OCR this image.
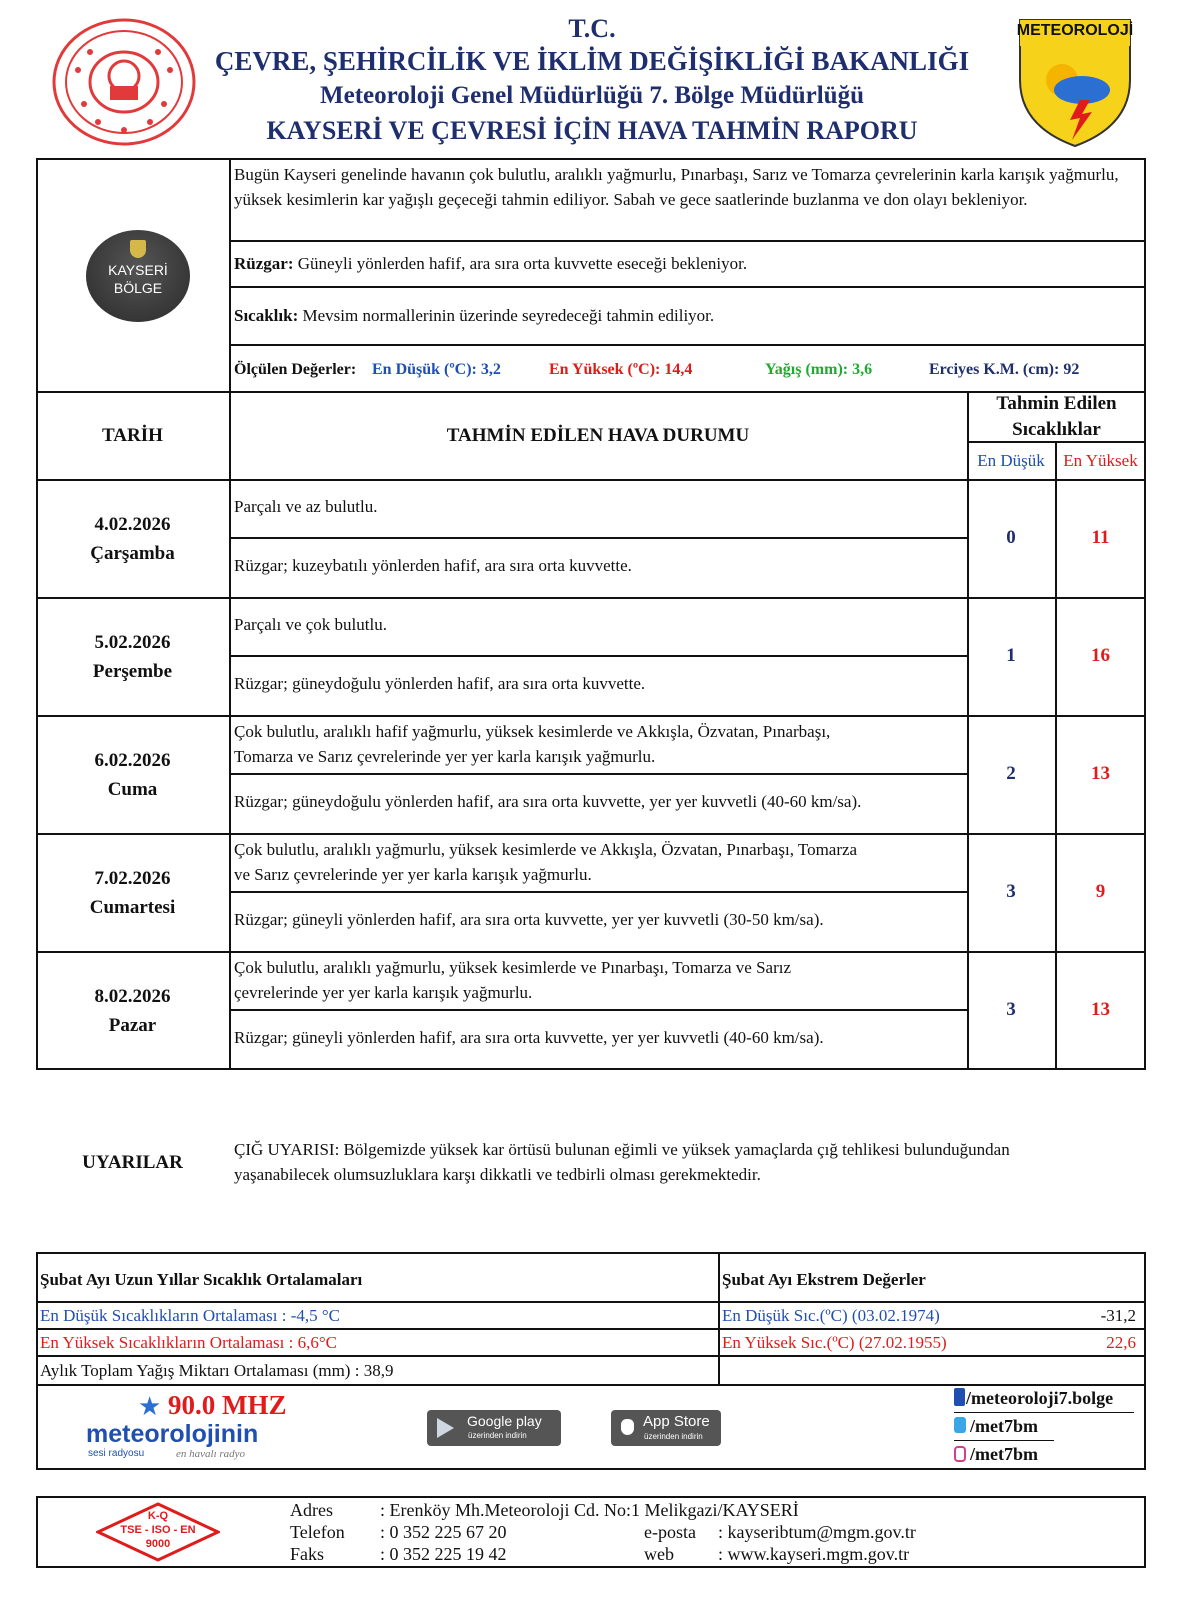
T.C.
ÇEVRE, ŞEHİRCİLİK VE İKLİM DEĞİŞİKLİĞİ BAKANLIĞI
Meteoroloji Genel Müdürlüğü 7. Bölge Müdürlüğü
KAYSERİ VE ÇEVRESİ İÇİN HAVA TAHMİN RAPORU
METEOROLOJİ
KAYSERİ
BÖLGE
Bugün Kayseri genelinde havanın çok bulutlu, aralıklı yağmurlu, Pınarbaşı, Sarız ve Tomarza çevrelerinin karla karışık yağmurlu, yüksek kesimlerin kar yağışlı geçeceği tahmin ediliyor. Sabah ve gece saatlerinde buzlanma ve don olayı bekleniyor.
Rüzgar: Güneyli yönlerden hafif, ara sıra orta kuvvette eseceği bekleniyor.
Sıcaklık: Mevsim normallerinin üzerinde seyredeceği tahmin ediliyor.
Ölçülen Değerler: En Düşük (ºC): 3,2	En Yüksek (ºC): 14,4	Yağış (mm): 3,6	Erciyes K.M. (cm): 92
TARİH	TAHMİN EDİLEN HAVA DURUMU
Tahmin Edilen
Sıcaklıklar
En Düşük	En Yüksek
4.02.2026
Çarşamba
Parçalı ve az bulutlu.
Rüzgar; kuzeybatılı yönlerden hafif, ara sıra orta kuvvette.
0	11
5.02.2026
Perşembe
Parçalı ve çok bulutlu.
Rüzgar; güneydoğulu yönlerden hafif, ara sıra orta kuvvette.
1	16
6.02.2026
Cuma
Çok bulutlu, aralıklı hafif yağmurlu, yüksek kesimlerde ve Akkışla, Özvatan, Pınarbaşı,
Tomarza ve Sarız çevrelerinde yer yer karla karışık yağmurlu.
Rüzgar; güneydoğulu yönlerden hafif, ara sıra orta kuvvette, yer yer kuvvetli (40-60 km/sa).
2	13
7.02.2026
Cumartesi
Çok bulutlu, aralıklı yağmurlu, yüksek kesimlerde ve Akkışla, Özvatan, Pınarbaşı, Tomarza
ve Sarız çevrelerinde yer yer karla karışık yağmurlu.
Rüzgar; güneyli yönlerden hafif, ara sıra orta kuvvette, yer yer kuvvetli (30-50 km/sa).
3	9
8.02.2026
Pazar
Çok bulutlu, aralıklı yağmurlu, yüksek kesimlerde ve Pınarbaşı, Tomarza ve Sarız
çevrelerinde yer yer karla karışık yağmurlu.
Rüzgar; güneyli yönlerden hafif, ara sıra orta kuvvette, yer yer kuvvetli (40-60 km/sa).
3	13
UYARILAR
ÇIĞ UYARISI: Bölgemizde yüksek kar örtüsü bulunan eğimli ve yüksek yamaçlarda çığ tehlikesi bulunduğundan
yaşanabilecek olumsuzluklara karşı dikkatli ve tedbirli olması gerekmektedir.
Şubat Ayı Uzun Yıllar Sıcaklık Ortalamaları
En Düşük Sıcaklıkların Ortalaması : -4,5 °C
En Yüksek Sıcaklıkların Ortalaması : 6,6°C
Aylık Toplam Yağış Miktarı Ortalaması (mm) : 38,9
Şubat Ayı Ekstrem Değerler
En Düşük Sıc.(ºC) (03.02.1974)	-31,2
En Yüksek Sıc.(ºC) (27.02.1955)	22,6
★ 90.0 MHZ
meteorolojinin
sesi radyosu	en havalı radyo
Google play
üzerinden indirin
App Store
üzerinden indirin
/meteoroloji7.bolge
/met7bm
/met7bm
K-Q
TSE - ISO - EN
9000
Adres	: Erenköy Mh.Meteoroloji Cd. No:1 Melikgazi/KAYSERİ
Telefon : 0 352 225 67 20
Faks	: 0 352 225 19 42
e-posta : kayseribtum@mgm.gov.tr
web : www.kayseri.mgm.gov.tr
